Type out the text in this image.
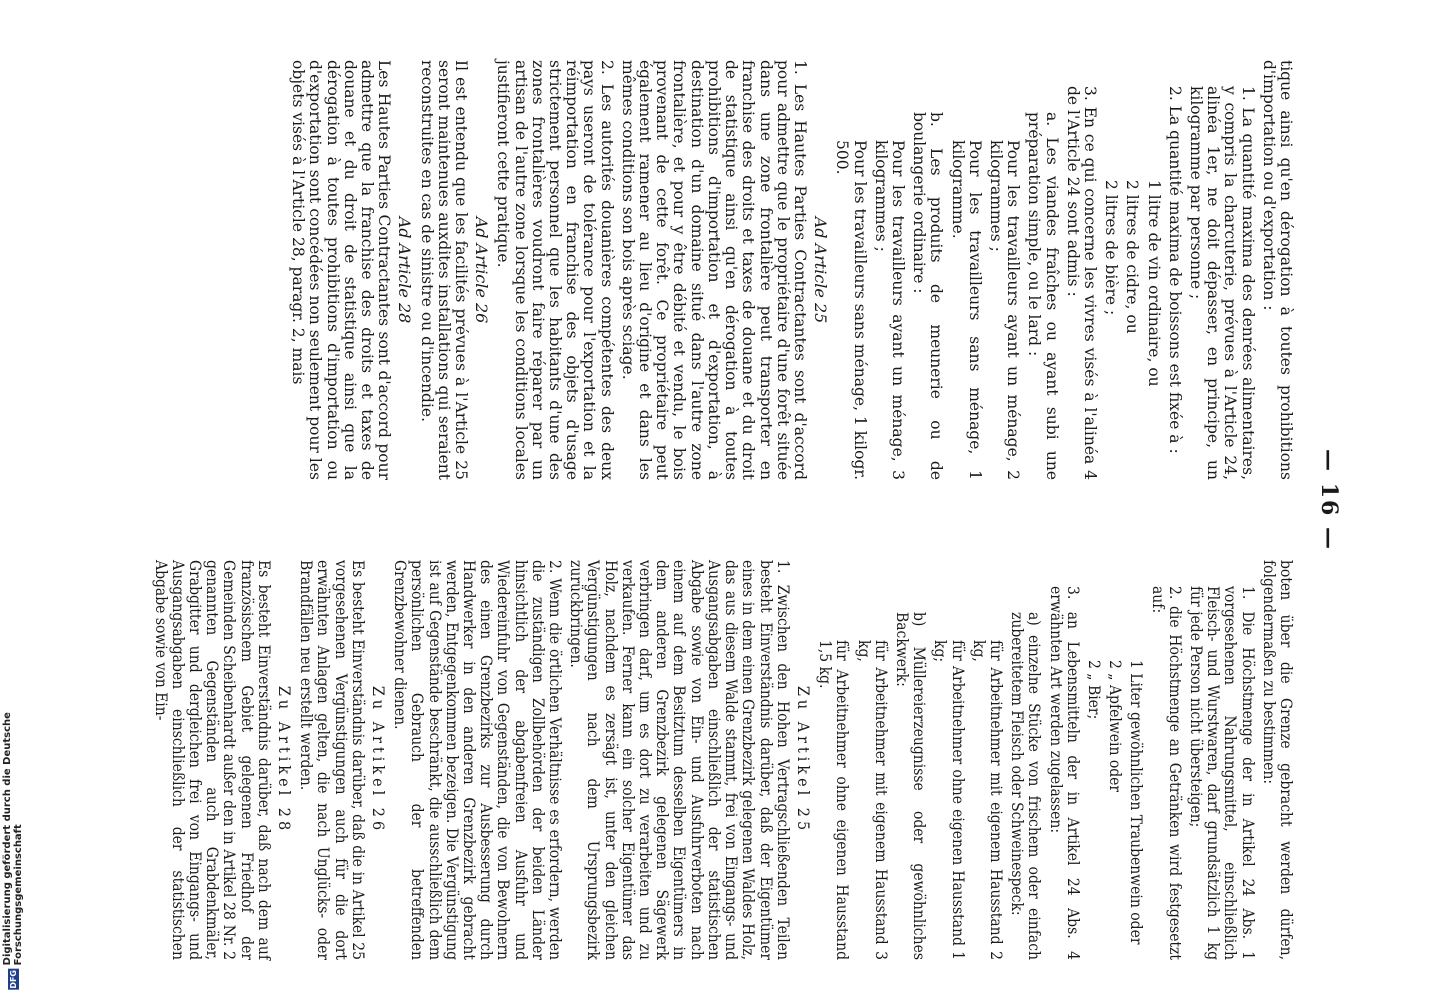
— 16 —

tique ainsi qu'en dérogation à toutes prohibitions d'importation ou d'exportation :

1. La quantité maxima des denrées alimentaires, y compris la charcuterie, prévues à l'Article 24, alinéa 1er, ne doit dépasser, en principe, un kilogramme par personne ;

2. La quantité maxima de boissons est fixée à :

1 litre de vin ordinaire, ou

2 litres de cidre, ou

2 litres de bière ;

3. En ce qui concerne les vivres visés à l'alinéa 4 de l'Article 24 sont admis :

a. Les viandes fraîches ou ayant subi une préparation simple, ou le lard :

Pour les travailleurs ayant un ménage, 2 kilogrammes ;

Pour les travailleurs sans ménage, 1 kilogramme.

b. Les produits de meunerie ou de boulangerie ordinaire :

Pour les travailleurs ayant un ménage, 3 kilogrammes ;

Pour les travailleurs sans ménage, 1 kilogr. 500.

Ad Article 25

1. Les Hautes Parties Contractantes sont d'accord pour admettre que le propriétaire d'une forêt située dans une zone frontalière peut transporter en franchise des droits et taxes de douane et du droit de statistique ainsi qu'en dérogation à toutes prohibitions d'importation et d'exportation, à destination d'un domaine situé dans l'autre zone frontalière, et pour y être débité et vendu, le bois provenant de cette forêt. Ce propriétaire peut également ramener au lieu d'origine et dans les mêmes conditions son bois après sciage.

2. Les autorités douanières compétentes des deux pays useront de tolérance pour l'exportation et la réimportation en franchise des objets d'usage strictement personnel que les habitants d'une des zones frontalières voudront faire réparer par un artisan de l'autre zone lorsque les conditions locales justifieront cette pratique.

Ad Article 26

Il est entendu que les facilités prévues à l'Article 25 seront maintenues auxdites installations qui seraient reconstruites en cas de sinistre ou d'incendie.

Ad Article 28

Les Hautes Parties Contractantes sont d'accord pour admettre que la franchise des droits et taxes de douane et du droit de statistique ainsi que la dérogation à toutes prohibitions d'importation ou d'exportation sont concédées non seulement pour les objets visés à l'Article 28, paragr. 2, mais

boten über die Grenze gebracht werden dürfen, folgendermaßen zu bestimmen:

1. Die Höchstmenge der in Artikel 24 Abs. 1 vorgesehenen Nahrungsmittel, einschließlich Fleisch- und Wurstwaren, darf grundsätzlich 1 kg für jede Person nicht übersteigen;

2. die Höchstmenge an Getränken wird festgesetzt auf:

1 Liter gewöhnlichen Traubenwein oder

2 „ Apfelwein oder

2 „ Bier;

3. an Lebensmitteln der in Artikel 24 Abs. 4 erwähnten Art werden zugelassen:

a) einzelne Stücke von frischem oder einfach zubereitetem Fleisch oder Schweinespeck:

für Arbeitnehmer mit eigenem Hausstand 2 kg,

für Arbeitnehmer ohne eigenen Hausstand 1 kg;

b) Müllereierzeugnisse oder gewöhnliches Backwerk:

für Arbeitnehmer mit eigenem Hausstand 3 kg,

für Arbeitnehmer ohne eigenen Hausstand 1,5 kg.

Zu Artikel 25

1. Zwischen den Hohen Vertragschließenden Teilen besteht Einverständnis darüber, daß der Eigentümer eines in dem einen Grenzbezirk gelegenen Waldes Holz, das aus diesem Walde stammt, frei von Eingangs- und Ausgangsabgaben einschließlich der statistischen Abgabe sowie von Ein- und Ausfuhrverboten nach einem auf dem Besitztum desselben Eigentümers in dem anderen Grenzbezirk gelegenen Sägewerk verbringen darf, um es dort zu verarbeiten und zu verkaufen. Ferner kann ein solcher Eigentümer das Holz, nachdem es zersägt ist, unter den gleichen Vergünstigungen nach dem Ursprungsbezirk zurückbringen.

2. Wenn die örtlichen Verhältnisse es erfordern, werden die zuständigen Zollbehörden der beiden Länder hinsichtlich der abgabenfreien Ausfuhr und Wiedereinfuhr von Gegenständen, die von Bewohnern des einen Grenzbezirks zur Ausbesserung durch Handwerker in den anderen Grenzbezirk gebracht werden, Entgegenkommen bezeigen. Die Vergünstigung ist auf Gegenstände beschränkt, die ausschließlich dem persönlichen Gebrauch der betreffenden Grenzbewohner dienen.

Zu Artikel 26

Es besteht Einverständnis darüber, daß die in Artikel 25 vorgesehenen Vergünstigungen auch für die dort erwähnten Anlagen gelten, die nach Unglücks- oder Brandfällen neu erstellt werden.

Zu Artikel 28

Es besteht Einverständnis darüber, daß nach dem auf französischem Gebiet gelegenen Friedhof der Gemeinden Scheibenhardt außer den in Artikel 28 Nr. 2 genannten Gegenständen auch Grabdenkmäler, Grabgitter und dergleichen frei von Eingangs- und Ausgangsabgaben einschließlich der statistischen Abgabe sowie von Ein-

Digitalisierung gefördert durch die Deutsche Forschungsgemeinschaft
DFG
